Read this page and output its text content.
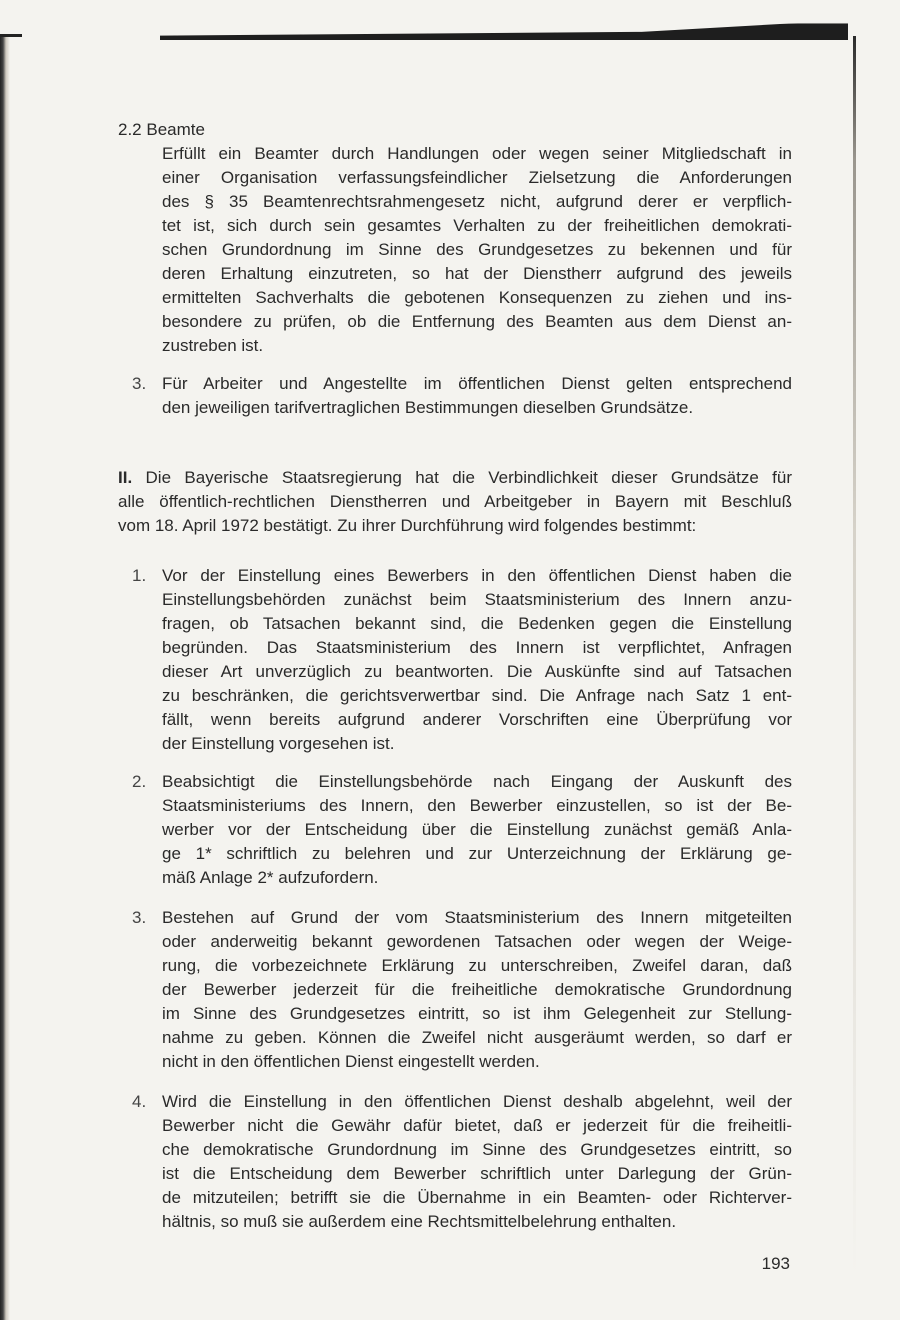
2.2 Beamte
Erfüllt ein Beamter durch Handlungen oder wegen seiner Mitgliedschaft in
einer Organisation verfassungsfeindlicher Zielsetzung die Anforderungen
des § 35 Beamtenrechtsrahmengesetz nicht, aufgrund derer er verpflich-
tet ist, sich durch sein gesamtes Verhalten zu der freiheitlichen demokrati-
schen Grundordnung im Sinne des Grundgesetzes zu bekennen und für
deren Erhaltung einzutreten, so hat der Dienstherr aufgrund des jeweils
ermittelten Sachverhalts die gebotenen Konsequenzen zu ziehen und ins-
besondere zu prüfen, ob die Entfernung des Beamten aus dem Dienst an-
zustreben ist.
3. Für Arbeiter und Angestellte im öffentlichen Dienst gelten entsprechend
den jeweiligen tarifvertraglichen Bestimmungen dieselben Grundsätze.
II. Die Bayerische Staatsregierung hat die Verbindlichkeit dieser Grundsätze für
alle öffentlich-rechtlichen Dienstherren und Arbeitgeber in Bayern mit Beschluß
vom 18. April 1972 bestätigt. Zu ihrer Durchführung wird folgendes bestimmt:
1. Vor der Einstellung eines Bewerbers in den öffentlichen Dienst haben die
Einstellungsbehörden zunächst beim Staatsministerium des Innern anzu-
fragen, ob Tatsachen bekannt sind, die Bedenken gegen die Einstellung
begründen. Das Staatsministerium des Innern ist verpflichtet, Anfragen
dieser Art unverzüglich zu beantworten. Die Auskünfte sind auf Tatsachen
zu beschränken, die gerichtsverwertbar sind. Die Anfrage nach Satz 1 ent-
fällt, wenn bereits aufgrund anderer Vorschriften eine Überprüfung vor
der Einstellung vorgesehen ist.
2. Beabsichtigt die Einstellungsbehörde nach Eingang der Auskunft des
Staatsministeriums des Innern, den Bewerber einzustellen, so ist der Be-
werber vor der Entscheidung über die Einstellung zunächst gemäß Anla-
ge 1* schriftlich zu belehren und zur Unterzeichnung der Erklärung ge-
mäß Anlage 2* aufzufordern.
3. Bestehen auf Grund der vom Staatsministerium des Innern mitgeteilten
oder anderweitig bekannt gewordenen Tatsachen oder wegen der Weige-
rung, die vorbezeichnete Erklärung zu unterschreiben, Zweifel daran, daß
der Bewerber jederzeit für die freiheitliche demokratische Grundordnung
im Sinne des Grundgesetzes eintritt, so ist ihm Gelegenheit zur Stellung-
nahme zu geben. Können die Zweifel nicht ausgeräumt werden, so darf er
nicht in den öffentlichen Dienst eingestellt werden.
4. Wird die Einstellung in den öffentlichen Dienst deshalb abgelehnt, weil der
Bewerber nicht die Gewähr dafür bietet, daß er jederzeit für die freiheitli-
che demokratische Grundordnung im Sinne des Grundgesetzes eintritt, so
ist die Entscheidung dem Bewerber schriftlich unter Darlegung der Grün-
de mitzuteilen; betrifft sie die Übernahme in ein Beamten- oder Richterver-
hältnis, so muß sie außerdem eine Rechtsmittelbelehrung enthalten.
193
